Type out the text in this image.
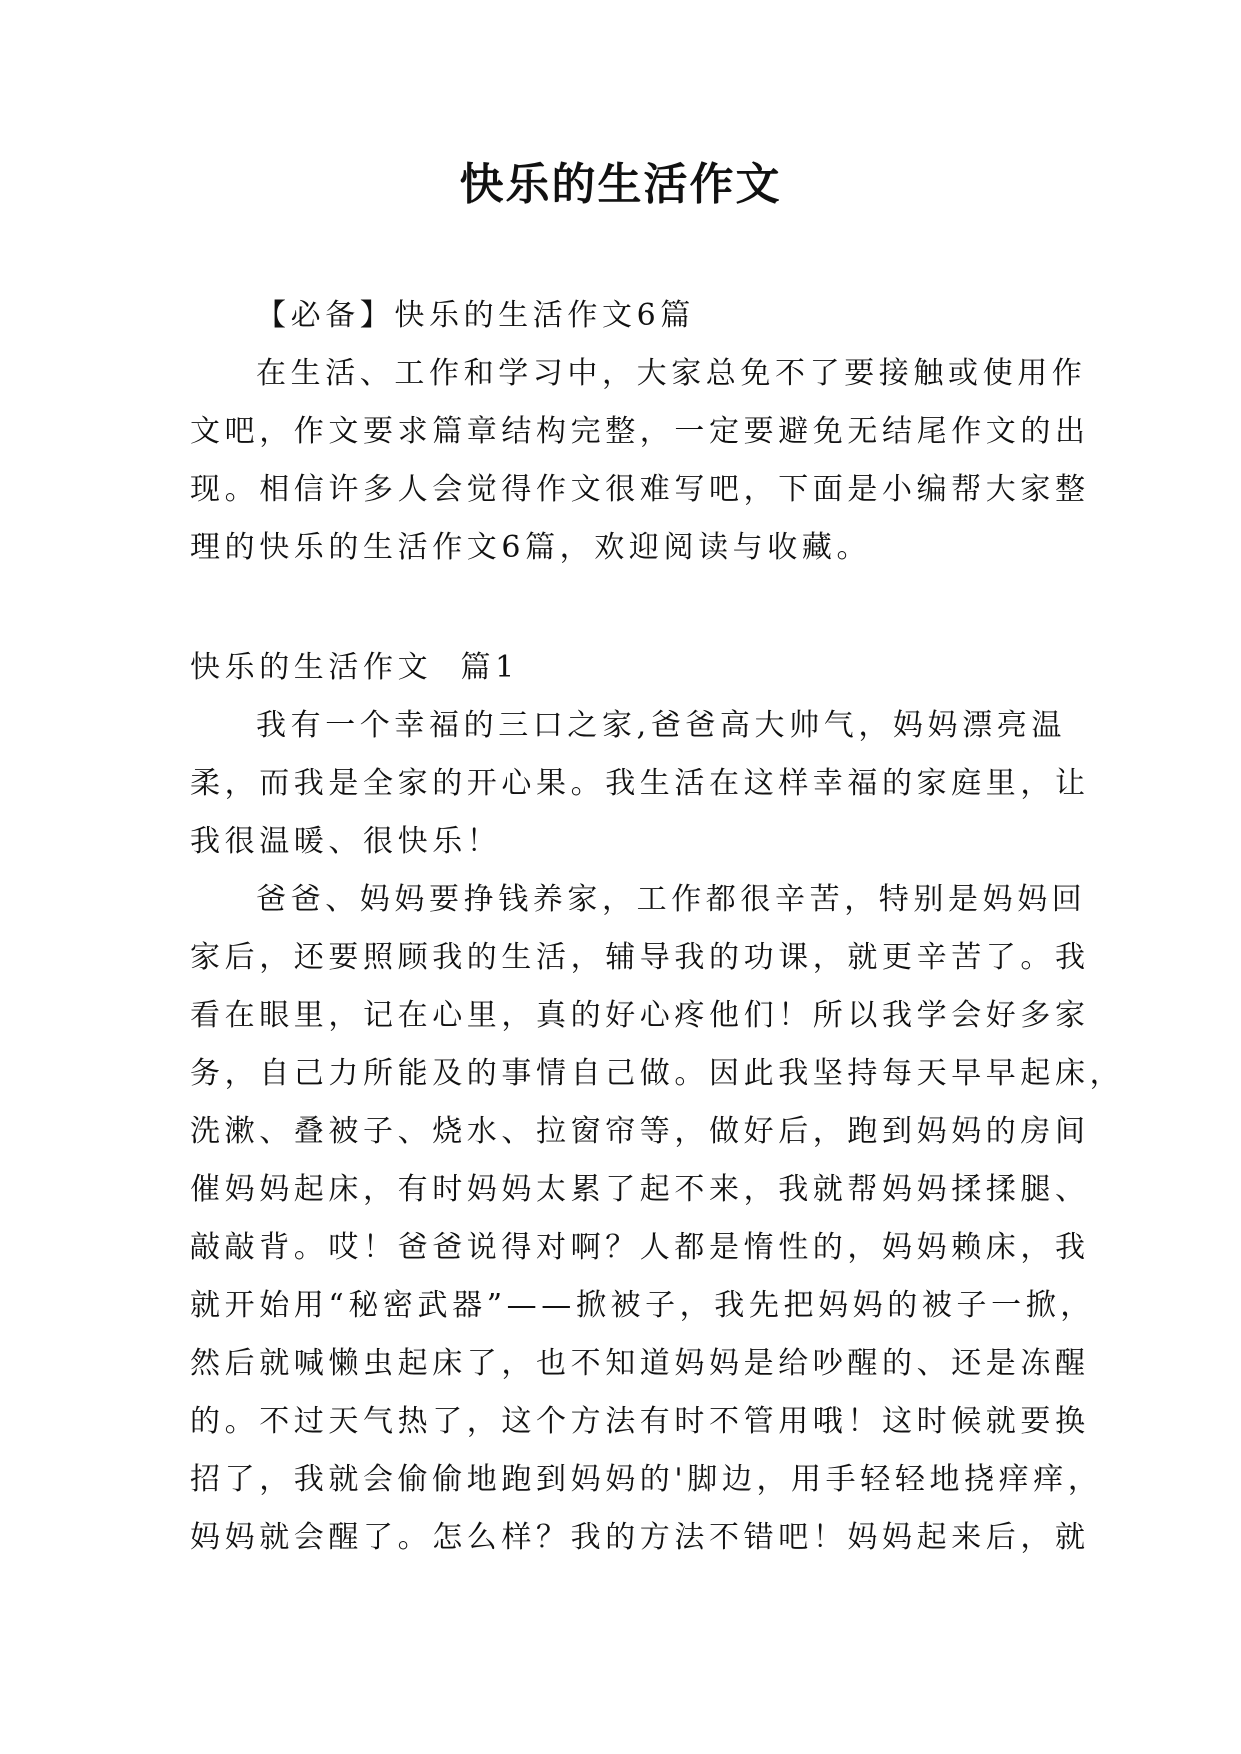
快乐的生活作文

【必备】快乐的生活作文6篇

在生活、工作和学习中，大家总免不了要接触或使用作

文吧，作文要求篇章结构完整，一定要避免无结尾作文的出

现。相信许多人会觉得作文很难写吧，下面是小编帮大家整

理的快乐的生活作文6篇，欢迎阅读与收藏。

快乐的生活作文  篇1

我有一个幸福的三口之家,爸爸高大帅气，妈妈漂亮温

柔，而我是全家的开心果。我生活在这样幸福的家庭里，让

我很温暖、很快乐！

爸爸、妈妈要挣钱养家，工作都很辛苦，特别是妈妈回

家后，还要照顾我的生活，辅导我的功课，就更辛苦了。我

看在眼里，记在心里，真的好心疼他们！所以我学会好多家

务，自己力所能及的事情自己做。因此我坚持每天早早起床，

洗漱、叠被子、烧水、拉窗帘等，做好后，跑到妈妈的房间

催妈妈起床，有时妈妈太累了起不来，我就帮妈妈揉揉腿、

敲敲背。哎！爸爸说得对啊？人都是惰性的，妈妈赖床，我

就开始用“秘密武器”——掀被子，我先把妈妈的被子一掀，

然后就喊懒虫起床了，也不知道妈妈是给吵醒的、还是冻醒

的。不过天气热了，这个方法有时不管用哦！这时候就要换

招了，我就会偷偷地跑到妈妈的'脚边，用手轻轻地挠痒痒，

妈妈就会醒了。怎么样？我的方法不错吧！妈妈起来后，就
